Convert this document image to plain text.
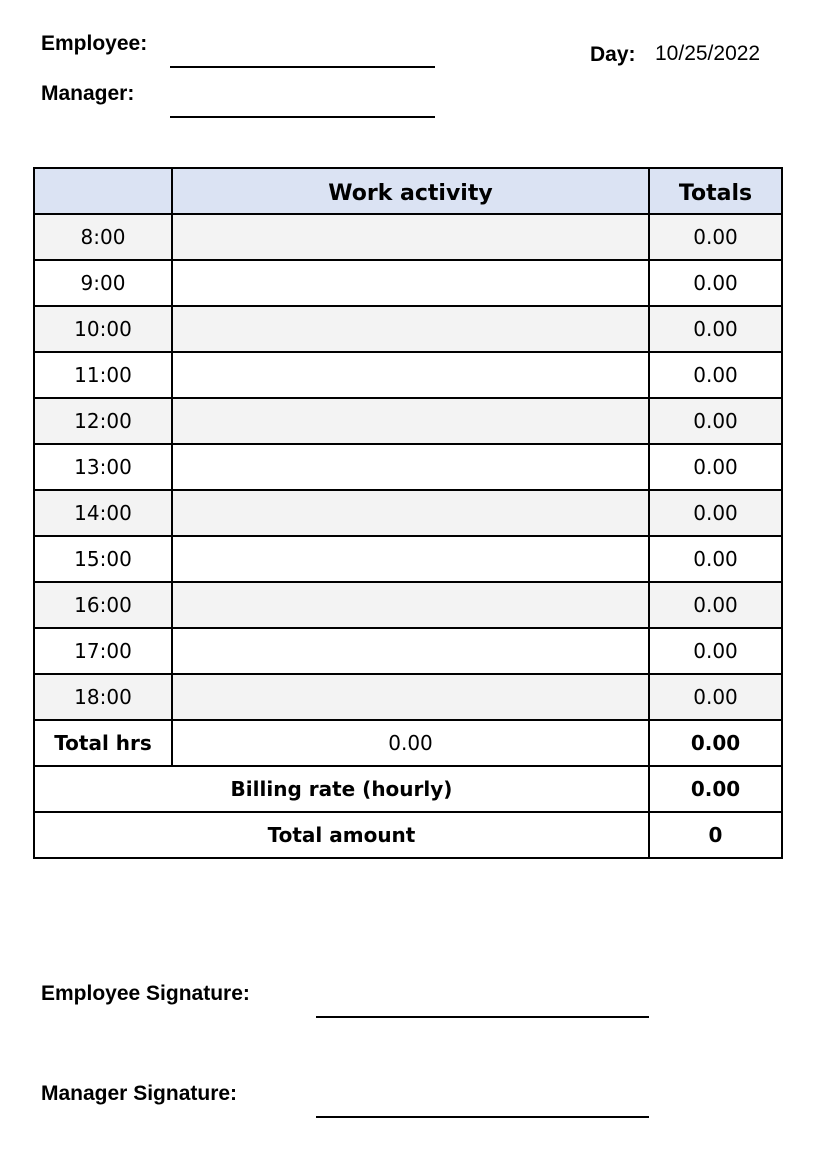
Employee:
Manager:
Day: 10/25/2022
	Work activity	Totals
8:00		0.00
9:00		0.00
10:00		0.00
11:00		0.00
12:00		0.00
13:00		0.00
14:00		0.00
15:00		0.00
16:00		0.00
17:00		0.00
18:00		0.00
Total hrs	0.00	0.00
Billing rate (hourly)		0.00
Total amount		0
Employee Signature:
Manager Signature:
